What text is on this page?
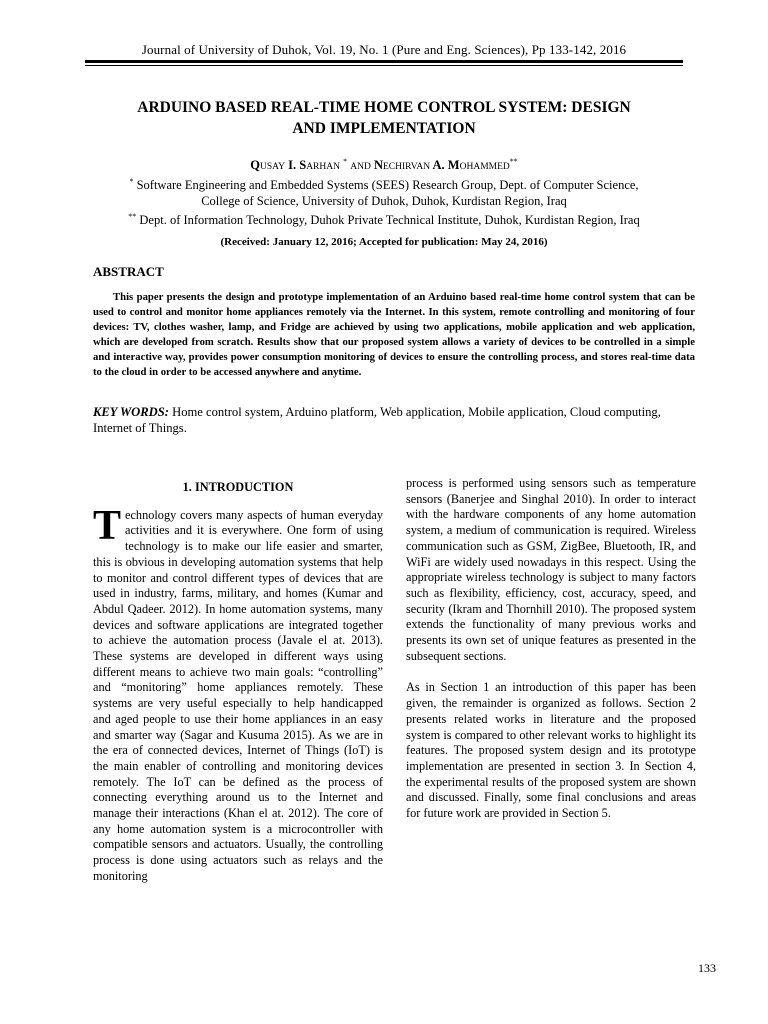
Journal of University of Duhok, Vol. 19, No. 1 (Pure and Eng. Sciences), Pp 133-142, 2016
ARDUINO BASED REAL-TIME HOME CONTROL SYSTEM: DESIGN
AND IMPLEMENTATION
QUSAY I. SARHAN * AND NECHIRVAN A. MOHAMMED**
* Software Engineering and Embedded Systems (SEES) Research Group, Dept. of Computer Science,
College of Science, University of Duhok, Duhok, Kurdistan Region, Iraq
** Dept. of Information Technology, Duhok Private Technical Institute, Duhok, Kurdistan Region, Iraq
(Received: January 12, 2016; Accepted for publication: May 24, 2016)
ABSTRACT
This paper presents the design and prototype implementation of an Arduino based real-time home control system that can be used to control and monitor home appliances remotely via the Internet. In this system, remote controlling and monitoring of four devices: TV, clothes washer, lamp, and Fridge are achieved by using two applications, mobile application and web application, which are developed from scratch. Results show that our proposed system allows a variety of devices to be controlled in a simple and interactive way, provides power consumption monitoring of devices to ensure the controlling process, and stores real-time data to the cloud in order to be accessed anywhere and anytime.
KEY WORDS: Home control system, Arduino platform, Web application, Mobile application, Cloud computing, Internet of Things.
1. INTRODUCTION

Technology covers many aspects of human everyday activities and it is everywhere. One form of using technology is to make our life easier and smarter, this is obvious in developing automation systems that help to monitor and control different types of devices that are used in industry, farms, military, and homes (Kumar and Abdul Qadeer. 2012). In home automation systems, many devices and software applications are integrated together to achieve the automation process (Javale el at. 2013). These systems are developed in different ways using different means to achieve two main goals: “controlling” and “monitoring” home appliances remotely. These systems are very useful especially to help handicapped and aged people to use their home appliances in an easy and smarter way (Sagar and Kusuma 2015). As we are in the era of connected devices, Internet of Things (IoT) is the main enabler of controlling and monitoring devices remotely. The IoT can be defined as the process of connecting everything around us to the Internet and manage their interactions (Khan el at. 2012). The core of any home automation system is a microcontroller with compatible sensors and actuators. Usually, the controlling process is done using actuators such as relays and the monitoring

process is performed using sensors such as temperature sensors (Banerjee and Singhal 2010). In order to interact with the hardware components of any home automation system, a medium of communication is required. Wireless communication such as GSM, ZigBee, Bluetooth, IR, and WiFi are widely used nowadays in this respect. Using the appropriate wireless technology is subject to many factors such as flexibility, efficiency, cost, accuracy, speed, and security (Ikram and Thornhill 2010). The proposed system extends the functionality of many previous works and presents its own set of unique features as presented in the subsequent sections.

As in Section 1 an introduction of this paper has been given, the remainder is organized as follows. Section 2 presents related works in literature and the proposed system is compared to other relevant works to highlight its features. The proposed system design and its prototype implementation are presented in section 3. In Section 4, the experimental results of the proposed system are shown and discussed. Finally, some final conclusions and areas for future work are provided in Section 5.

133
